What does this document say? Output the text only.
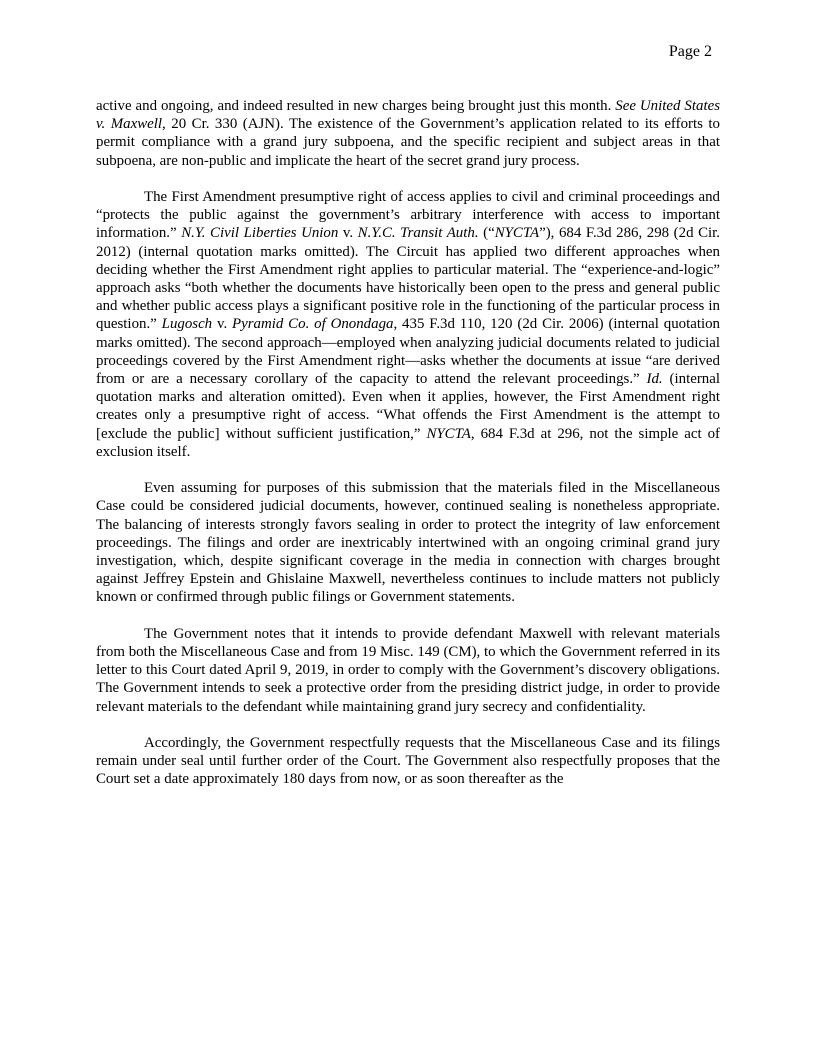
Page 2

active and ongoing, and indeed resulted in new charges being brought just this month. See United States v. Maxwell, 20 Cr. 330 (AJN). The existence of the Government’s application related to its efforts to permit compliance with a grand jury subpoena, and the specific recipient and subject areas in that subpoena, are non-public and implicate the heart of the secret grand jury process.

The First Amendment presumptive right of access applies to civil and criminal proceedings and “protects the public against the government’s arbitrary interference with access to important information.” N.Y. Civil Liberties Union v. N.Y.C. Transit Auth. (“NYCTA”), 684 F.3d 286, 298 (2d Cir. 2012) (internal quotation marks omitted). The Circuit has applied two different approaches when deciding whether the First Amendment right applies to particular material. The “experience-and-logic” approach asks “both whether the documents have historically been open to the press and general public and whether public access plays a significant positive role in the functioning of the particular process in question.” Lugosch v. Pyramid Co. of Onondaga, 435 F.3d 110, 120 (2d Cir. 2006) (internal quotation marks omitted). The second approach—employed when analyzing judicial documents related to judicial proceedings covered by the First Amendment right—asks whether the documents at issue “are derived from or are a necessary corollary of the capacity to attend the relevant proceedings.” Id. (internal quotation marks and alteration omitted). Even when it applies, however, the First Amendment right creates only a presumptive right of access. “What offends the First Amendment is the attempt to [exclude the public] without sufficient justification,” NYCTA, 684 F.3d at 296, not the simple act of exclusion itself.

Even assuming for purposes of this submission that the materials filed in the Miscellaneous Case could be considered judicial documents, however, continued sealing is nonetheless appropriate. The balancing of interests strongly favors sealing in order to protect the integrity of law enforcement proceedings. The filings and order are inextricably intertwined with an ongoing criminal grand jury investigation, which, despite significant coverage in the media in connection with charges brought against Jeffrey Epstein and Ghislaine Maxwell, nevertheless continues to include matters not publicly known or confirmed through public filings or Government statements.

The Government notes that it intends to provide defendant Maxwell with relevant materials from both the Miscellaneous Case and from 19 Misc. 149 (CM), to which the Government referred in its letter to this Court dated April 9, 2019, in order to comply with the Government’s discovery obligations. The Government intends to seek a protective order from the presiding district judge, in order to provide relevant materials to the defendant while maintaining grand jury secrecy and confidentiality.

Accordingly, the Government respectfully requests that the Miscellaneous Case and its filings remain under seal until further order of the Court. The Government also respectfully proposes that the Court set a date approximately 180 days from now, or as soon thereafter as the
